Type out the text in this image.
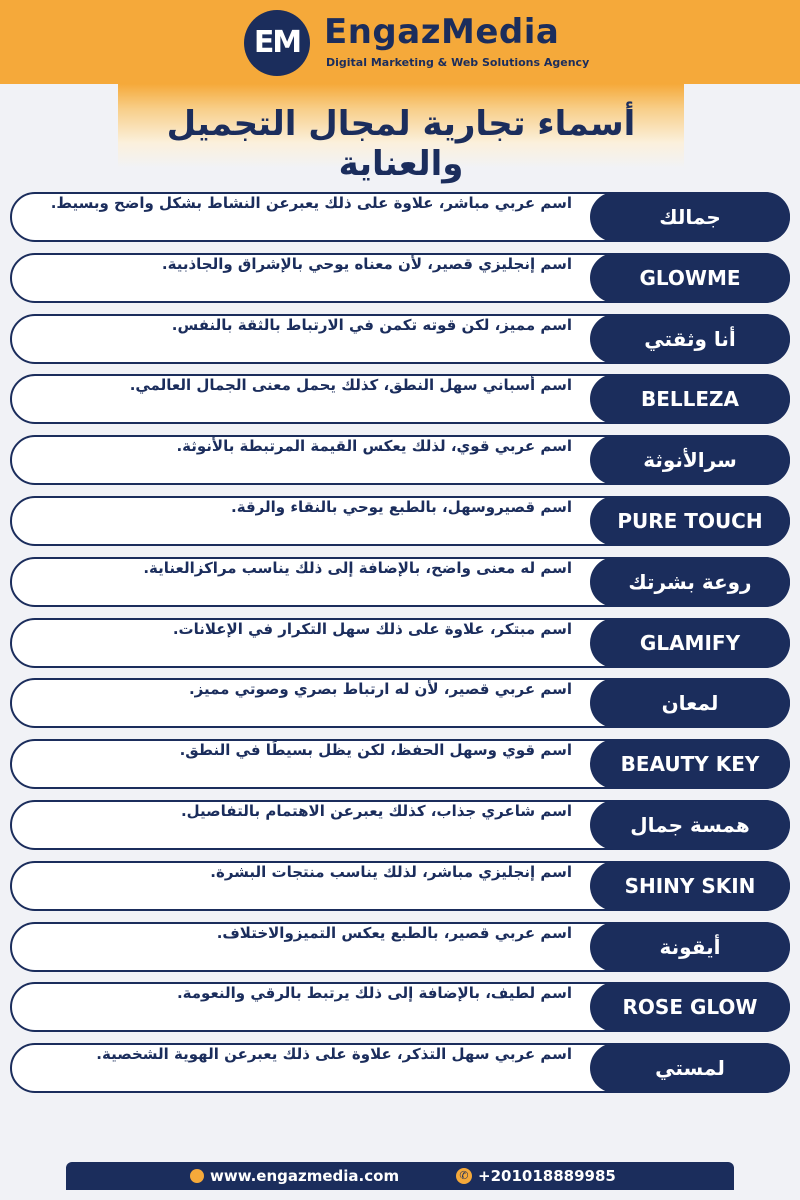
EM EngazMedia
Digital Marketing & Web Solutions Agency
أسماء تجارية لمجال التجميل والعناية
جمالك
اسم عربي مباشر، علاوة على ذلك يعبرعن النشاط بشكل واضح وبسيط.
GLOWME
اسم إنجليزي قصير، لأن معناه يوحي بالإشراق والجاذبية.
أنا وثقتي
اسم مميز، لكن قوته تكمن في الارتباط بالثقة بالنفس.
BELLEZA
اسم أسباني سهل النطق، كذلك يحمل معنى الجمال العالمي.
سرالأنوثة
اسم عربي قوي، لذلك يعكس القيمة المرتبطة بالأنوثة.
PURE TOUCH
اسم قصيروسهل، بالطبع يوحي بالنقاء والرقة.
روعة بشرتك
اسم له معنى واضح، بالإضافة إلى ذلك يناسب مراكزالعناية.
GLAMIFY
اسم مبتكر، علاوة على ذلك سهل التكرار في الإعلانات.
لمعان
اسم عربي قصير، لأن له ارتباط بصري وصوتي مميز.
BEAUTY KEY
اسم قوي وسهل الحفظ، لكن يظل بسيطًا في النطق.
همسة جمال
اسم شاعري جذاب، كذلك يعبرعن الاهتمام بالتفاصيل.
SHINY SKIN
اسم إنجليزي مباشر، لذلك يناسب منتجات البشرة.
أيقونة
اسم عربي قصير، بالطبع يعكس التميزوالاختلاف.
ROSE GLOW
اسم لطيف، بالإضافة إلى ذلك يرتبط بالرقي والنعومة.
لمستي
اسم عربي سهل التذكر، علاوة على ذلك يعبرعن الهوية الشخصية.
www.engazmedia.com	✆ +201018889985
